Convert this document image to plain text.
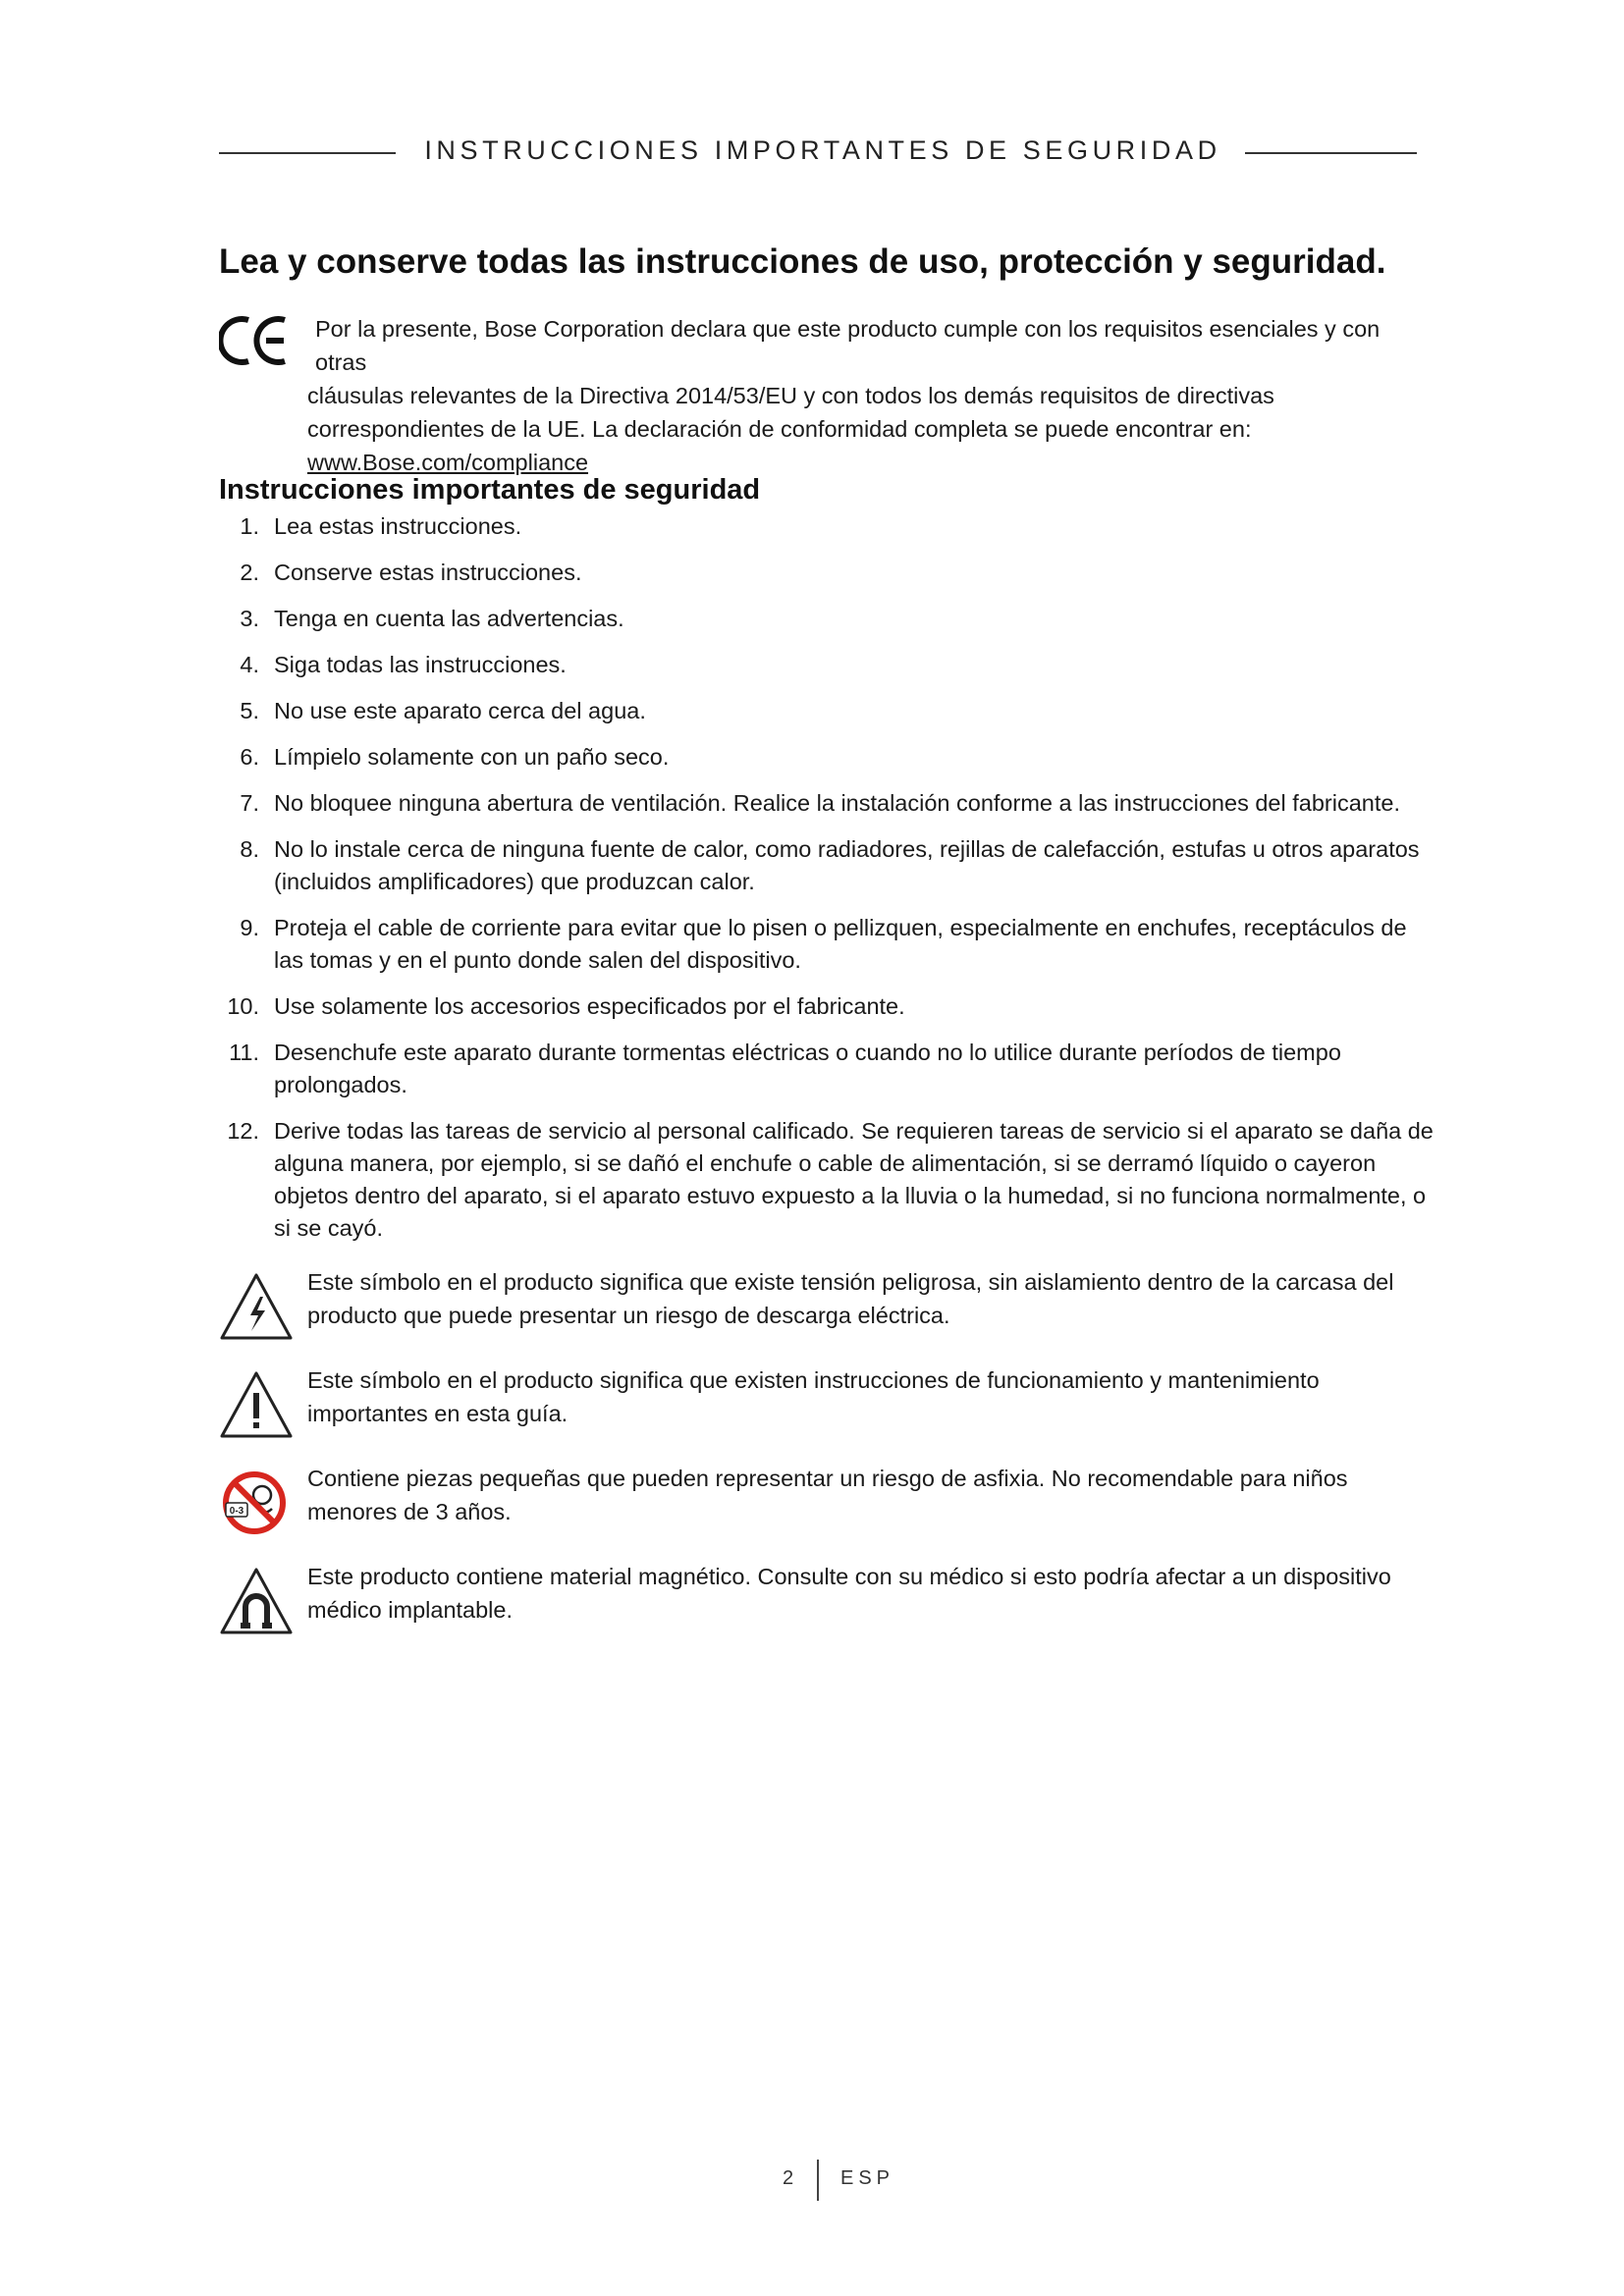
INSTRUCCIONES IMPORTANTES DE SEGURIDAD
Lea y conserve todas las instrucciones de uso, protección y seguridad.
Por la presente, Bose Corporation declara que este producto cumple con los requisitos esenciales y con otras
cláusulas relevantes de la Directiva 2014/53/EU y con todos los demás requisitos de directivas
correspondientes de la UE. La declaración de conformidad completa se puede encontrar en:
www.Bose.com/compliance
Instrucciones importantes de seguridad
1. Lea estas instrucciones.
2. Conserve estas instrucciones.
3. Tenga en cuenta las advertencias.
4. Siga todas las instrucciones.
5. No use este aparato cerca del agua.
6. Límpielo solamente con un paño seco.
7. No bloquee ninguna abertura de ventilación. Realice la instalación conforme a las instrucciones del fabricante.
8. No lo instale cerca de ninguna fuente de calor, como radiadores, rejillas de calefacción, estufas u otros aparatos (incluidos amplificadores) que produzcan calor.
9. Proteja el cable de corriente para evitar que lo pisen o pellizquen, especialmente en enchufes, receptáculos de las tomas y en el punto donde salen del dispositivo.
10. Use solamente los accesorios especificados por el fabricante.
11. Desenchufe este aparato durante tormentas eléctricas o cuando no lo utilice durante períodos de tiempo prolongados.
12. Derive todas las tareas de servicio al personal calificado. Se requieren tareas de servicio si el aparato se daña de alguna manera, por ejemplo, si se dañó el enchufe o cable de alimentación, si se derramó líquido o cayeron objetos dentro del aparato, si el aparato estuvo expuesto a la lluvia o la humedad, si no funciona normalmente, o si se cayó.
Este símbolo en el producto significa que existe tensión peligrosa, sin aislamiento dentro de la carcasa del producto que puede presentar un riesgo de descarga eléctrica.
Este símbolo en el producto significa que existen instrucciones de funcionamiento y mantenimiento importantes en esta guía.
0-3
Contiene piezas pequeñas que pueden representar un riesgo de asfixia. No recomendable para niños menores de 3 años.
Este producto contiene material magnético. Consulte con su médico si esto podría afectar a un dispositivo médico implantable.
2 ESP
